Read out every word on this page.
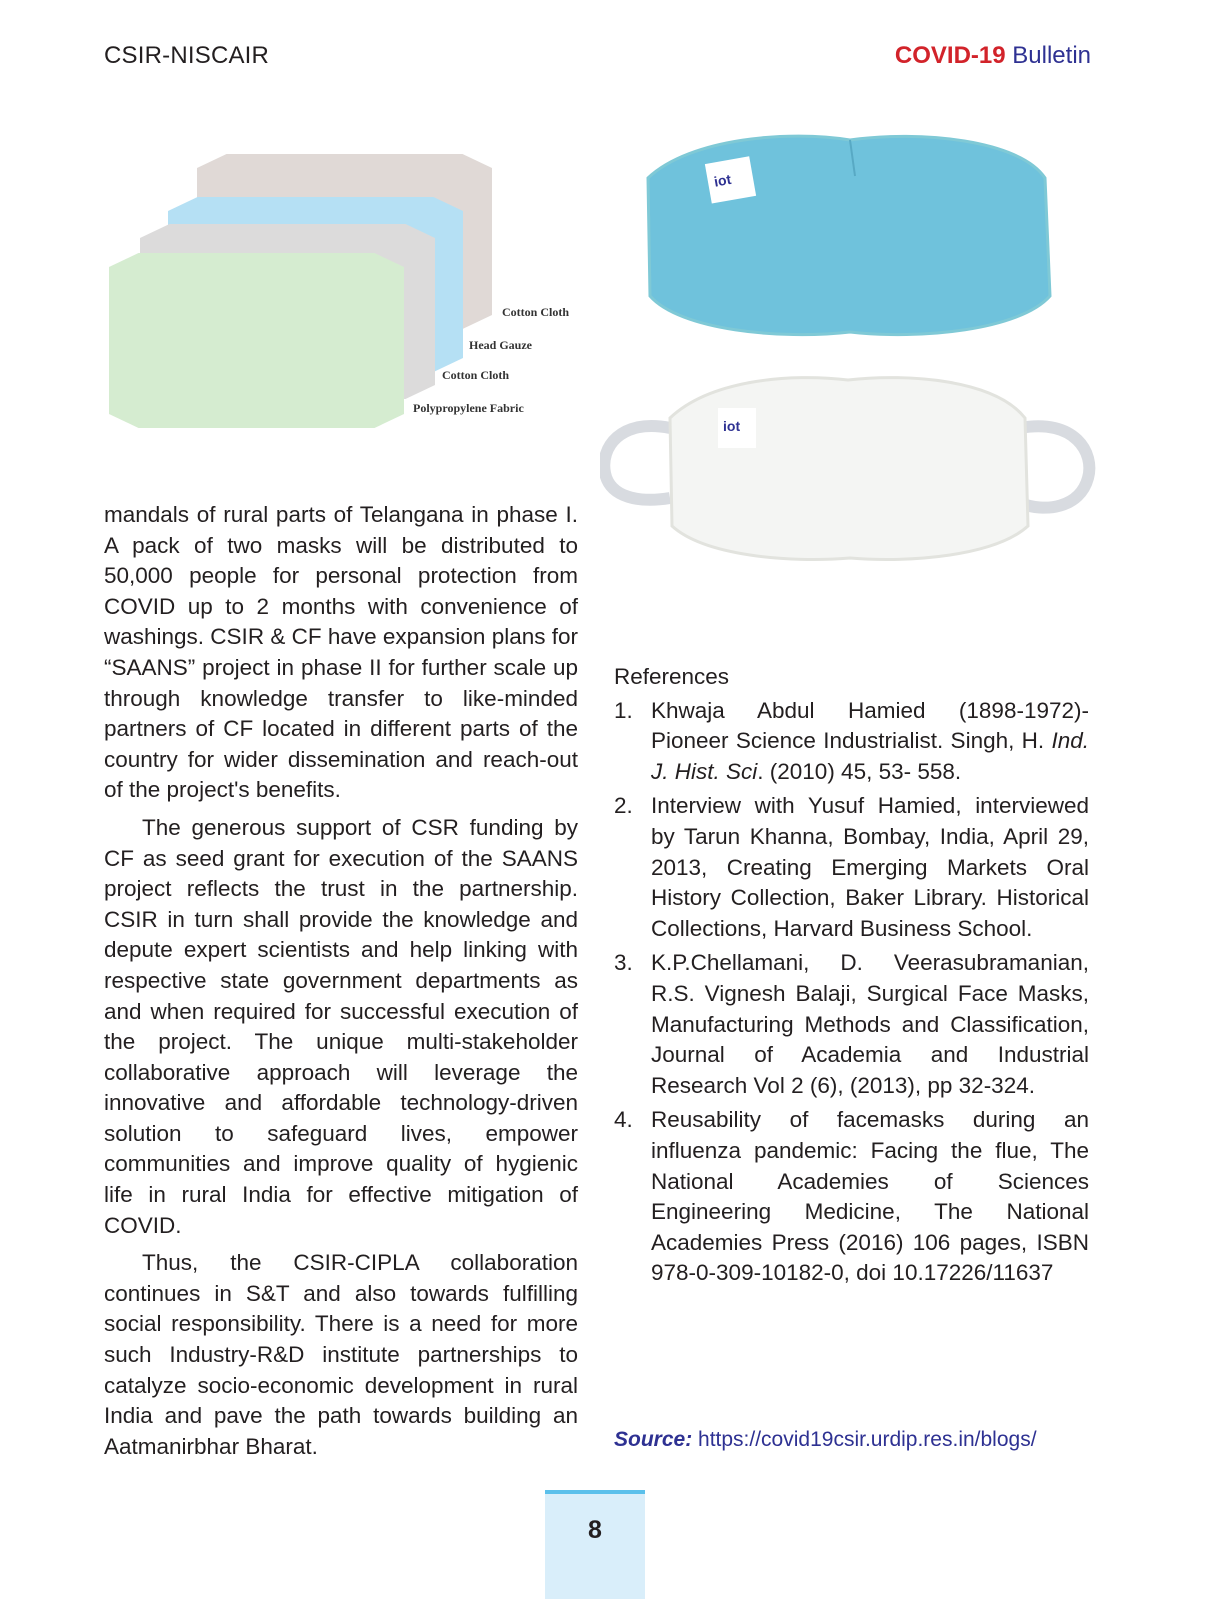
CSIR-NISCAIR	COVID-19 Bulletin
Cotton Cloth
Head Gauze
Cotton Cloth
Polypropylene Fabric
iot
iot

mandals of rural parts of Telangana in phase I. A pack of two masks will be distributed to 50,000 people for personal protection from COVID up to 2 months with convenience of washings. CSIR & CF have expansion plans for “SAANS” project in phase II for further scale up through knowledge transfer to like-minded partners of CF located in different parts of the country for wider dissemination and reach-out of the project's benefits.

The generous support of CSR funding by CF as seed grant for execution of the SAANS project reflects the trust in the partnership. CSIR in turn shall provide the knowledge and depute expert scientists and help linking with respective state government departments as and when required for successful execution of the project. The unique multi-stakeholder collaborative approach will leverage the innovative and affordable technology-driven solution to safeguard lives, empower communities and improve quality of hygienic life in rural India for effective mitigation of COVID.

Thus, the CSIR-CIPLA collaboration continues in S&T and also towards fulfilling social responsibility. There is a need for more such Industry-R&D institute partnerships to catalyze socio-economic development in rural India and pave the path towards building an Aatmanirbhar Bharat.

References
1. Khwaja Abdul Hamied (1898-1972)- Pioneer Science Industrialist. Singh, H. Ind. J. Hist. Sci. (2010) 45, 53- 558.
2. Interview with Yusuf Hamied, interviewed by Tarun Khanna, Bombay, India, April 29, 2013, Creating Emerging Markets Oral History Collection, Baker Library. Historical Collections, Harvard Business School.
3. K.P.Chellamani, D. Veerasubramanian, R.S. Vignesh Balaji, Surgical Face Masks, Manufacturing Methods and Classification, Journal of Academia and Industrial Research Vol 2 (6), (2013), pp 32-324.
4. Reusability of facemasks during an influenza pandemic: Facing the flue, The National Academies of Sciences Engineering Medicine, The National Academies Press (2016) 106 pages, ISBN 978-0-309-10182-0, doi 10.17226/11637
Source: https://covid19csir.urdip.res.in/blogs/
8
